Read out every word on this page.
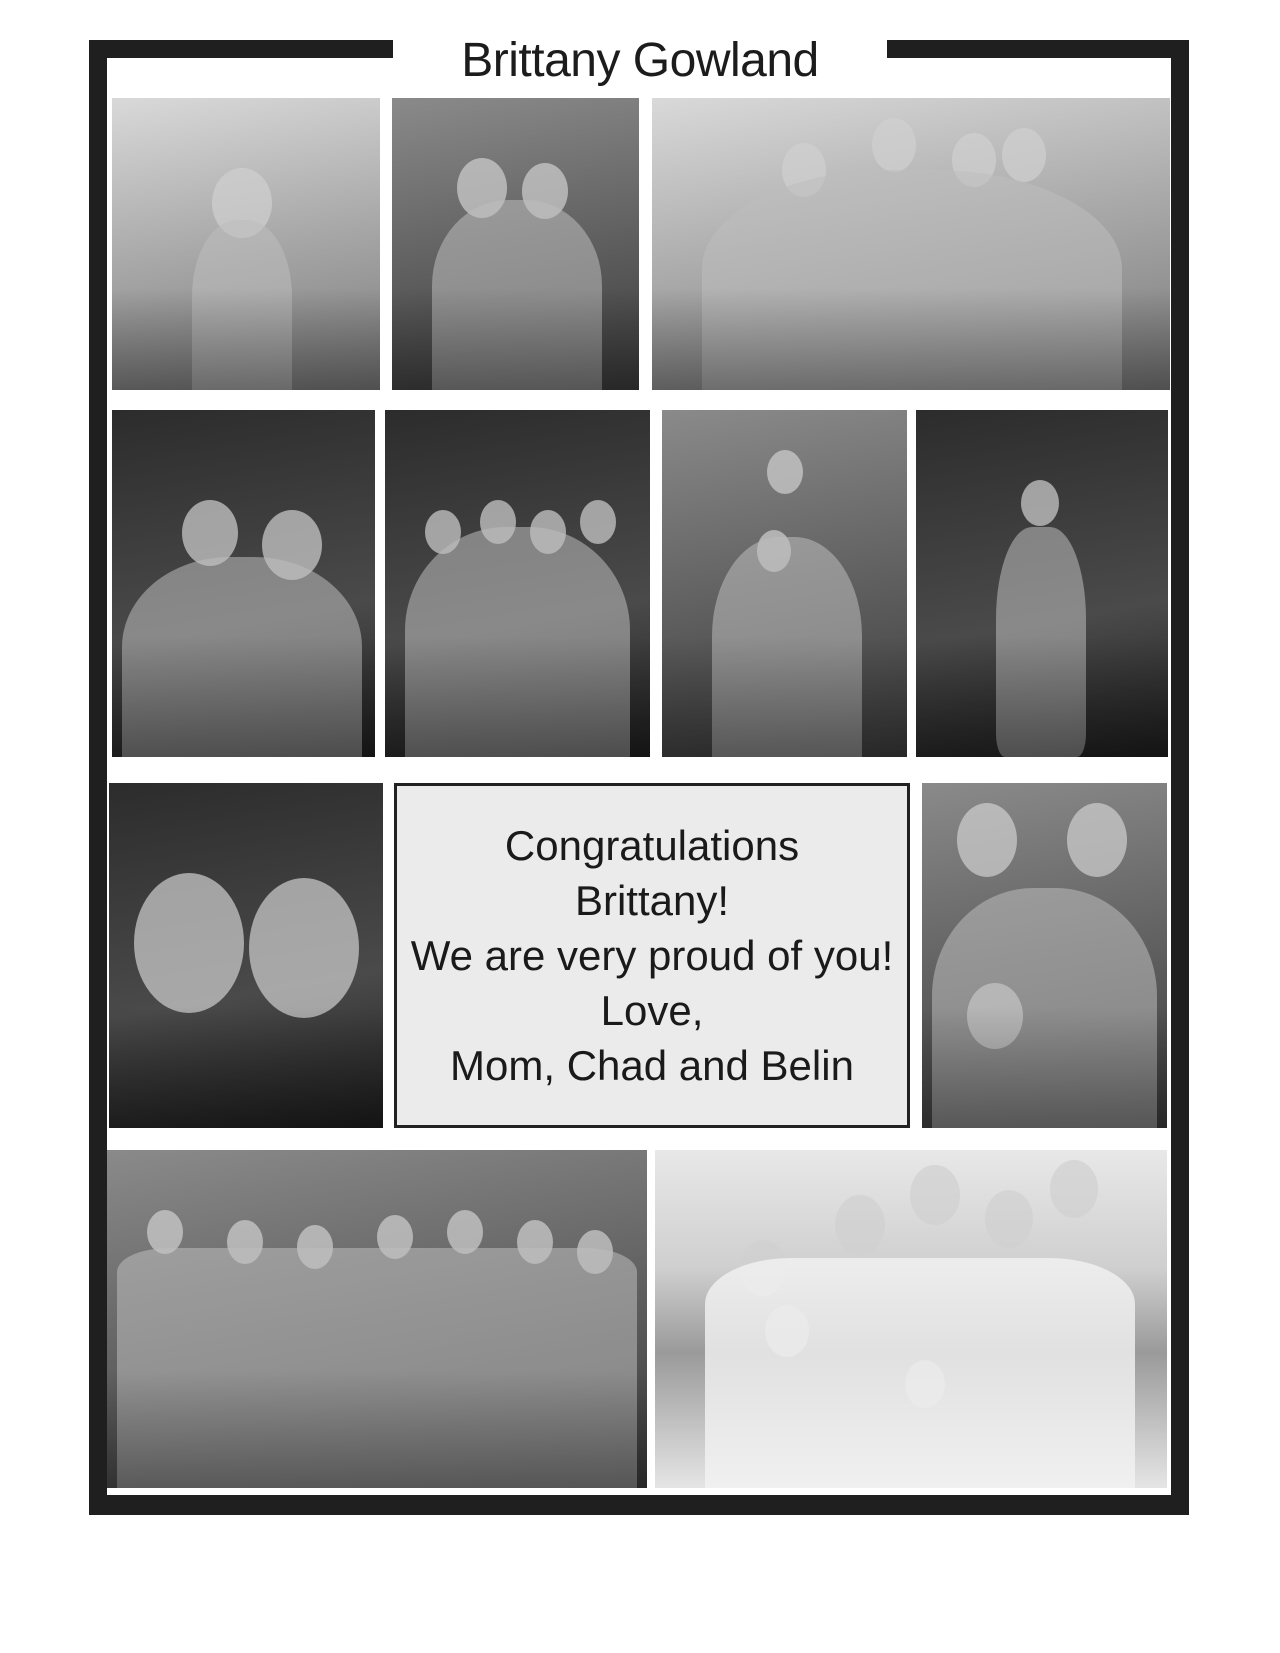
Brittany Gowland
Congratulations
Brittany!
We are very proud of you!
Love,
Mom, Chad and Belin
